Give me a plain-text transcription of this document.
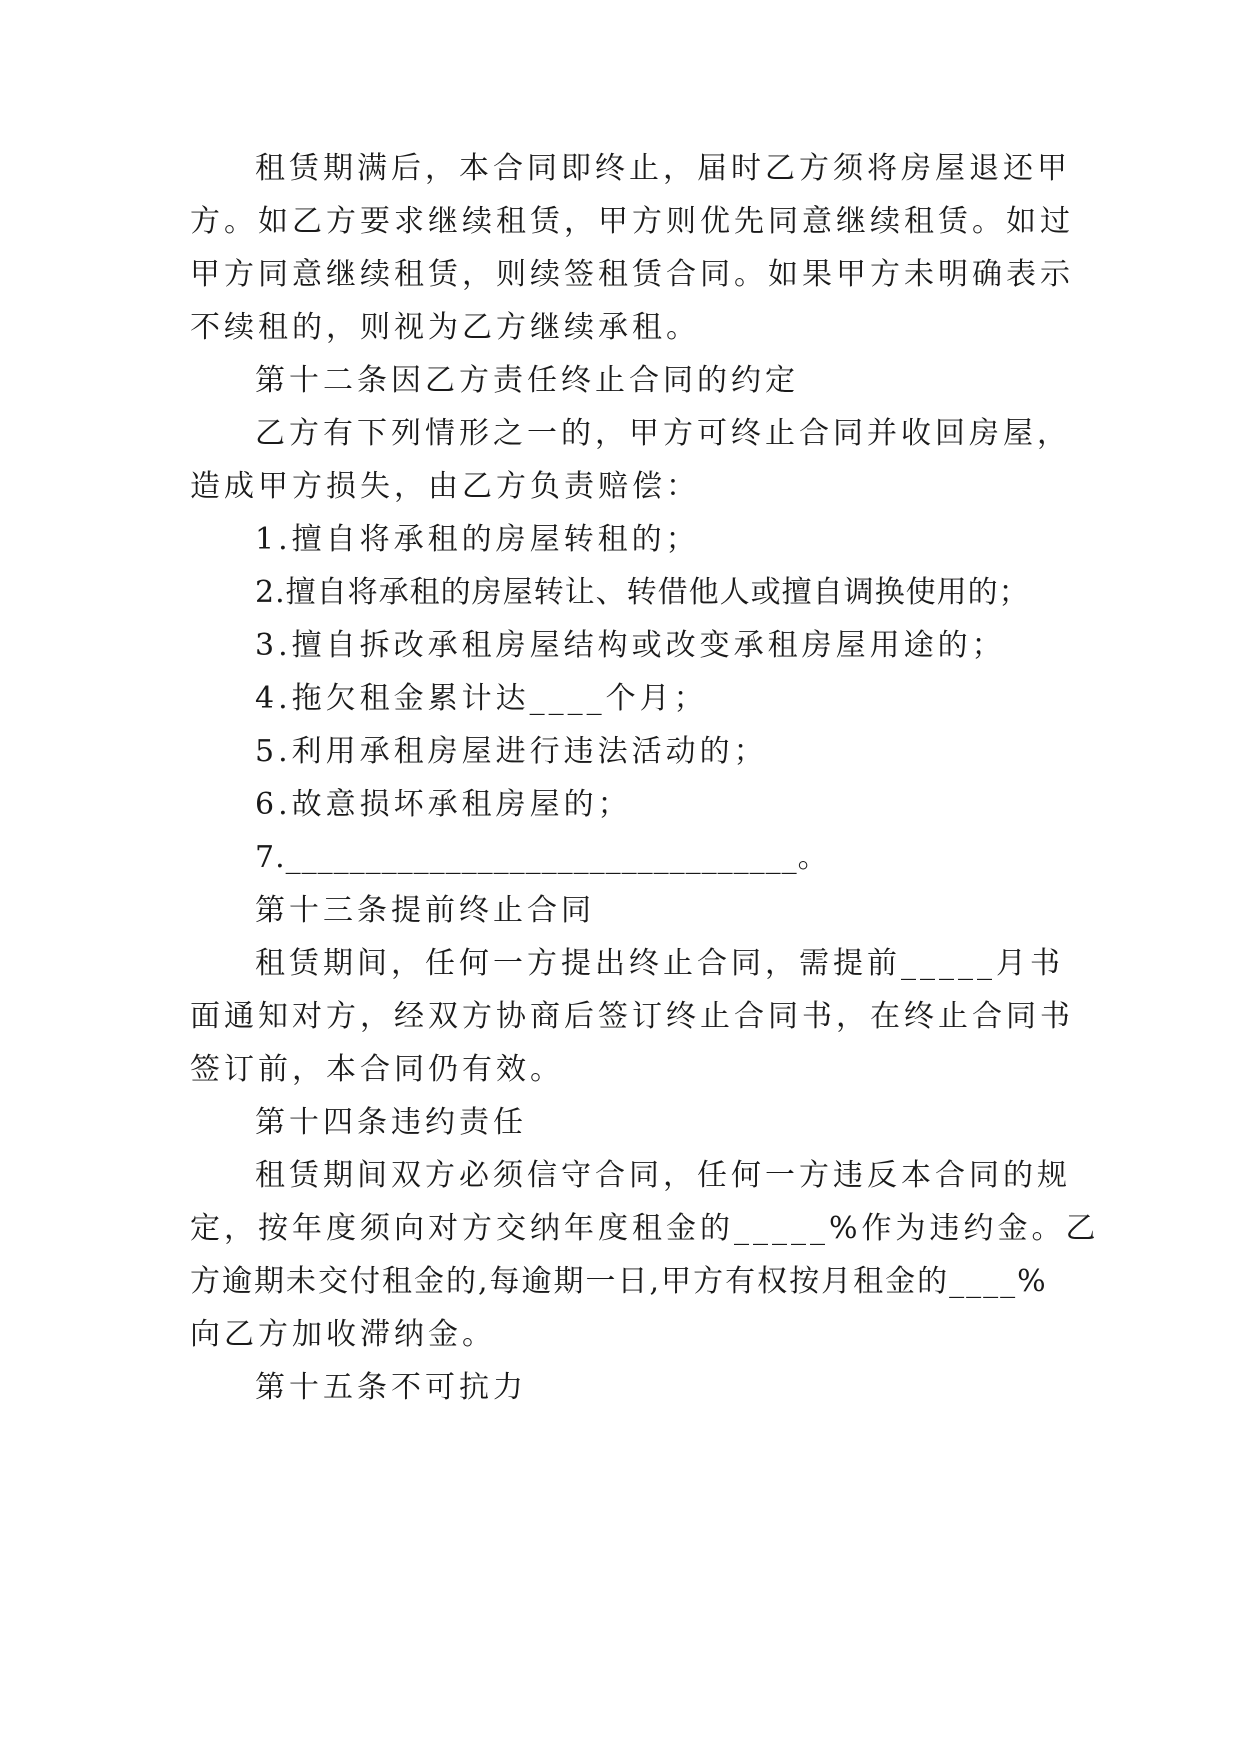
租赁期满后，本合同即终止，届时乙方须将房屋退还甲
方。如乙方要求继续租赁，甲方则优先同意继续租赁。如过
甲方同意继续租赁，则续签租赁合同。如果甲方未明确表示
不续租的，则视为乙方继续承租。
第十二条因乙方责任终止合同的约定
乙方有下列情形之一的，甲方可终止合同并收回房屋，
造成甲方损失，由乙方负责赔偿：
1.擅自将承租的房屋转租的；
2.擅自将承租的房屋转让、转借他人或擅自调换使用的；
3.擅自拆改承租房屋结构或改变承租房屋用途的；
4.拖欠租金累计达____个月；
5.利用承租房屋进行违法活动的；
6.故意损坏承租房屋的；
7.________________________________。
第十三条提前终止合同
租赁期间，任何一方提出终止合同，需提前_____月书
面通知对方，经双方协商后签订终止合同书，在终止合同书
签订前，本合同仍有效。
第十四条违约责任
租赁期间双方必须信守合同，任何一方违反本合同的规
定，按年度须向对方交纳年度租金的_____%作为违约金。乙
方逾期未交付租金的,每逾期一日,甲方有权按月租金的____%
向乙方加收滞纳金。
第十五条不可抗力
